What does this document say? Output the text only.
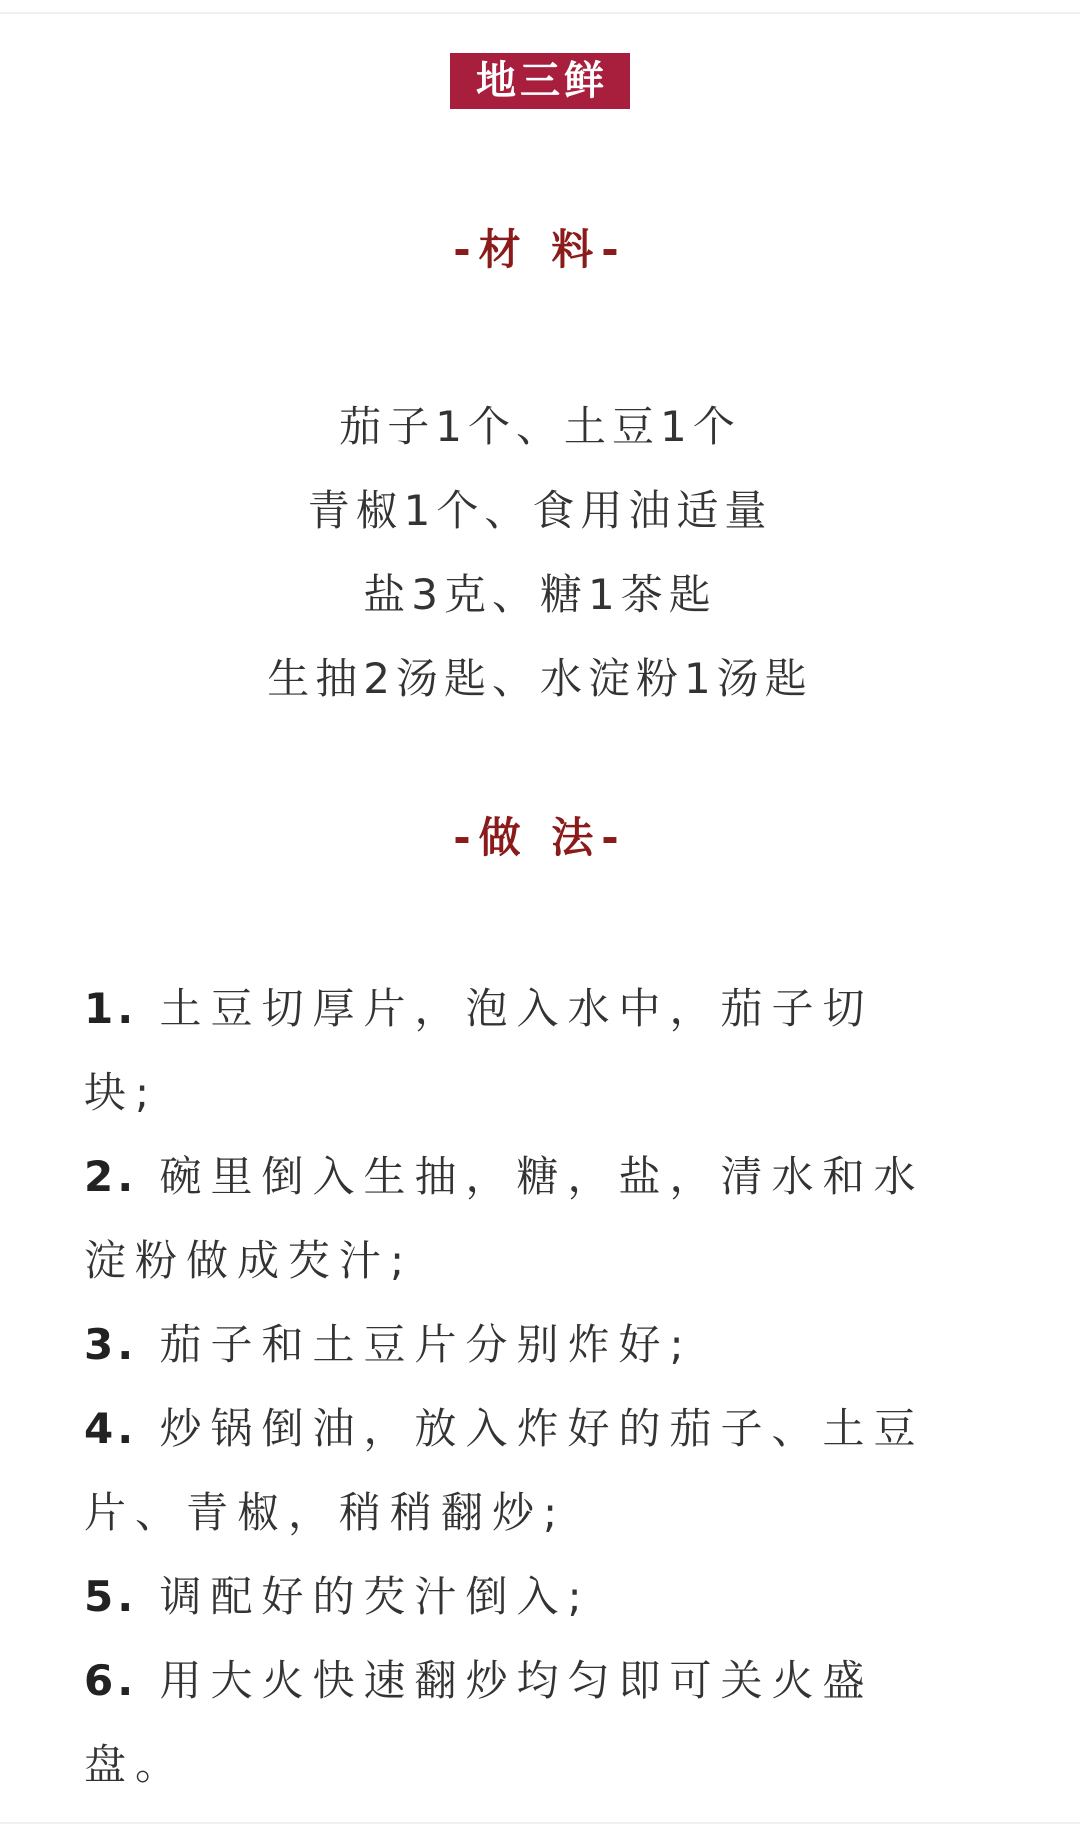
地三鲜
-材 料-
茄子1个、土豆1个
青椒1个、食用油适量
盐3克、糖1茶匙
生抽2汤匙、水淀粉1汤匙
-做 法-
1. 土豆切厚片，泡入水中，茄子切
块;
2. 碗里倒入生抽，糖，盐，清水和水
淀粉做成芡汁;
3. 茄子和土豆片分别炸好;
4. 炒锅倒油，放入炸好的茄子、土豆
片、青椒，稍稍翻炒;
5. 调配好的芡汁倒入;
6. 用大火快速翻炒均匀即可关火盛
盘。
